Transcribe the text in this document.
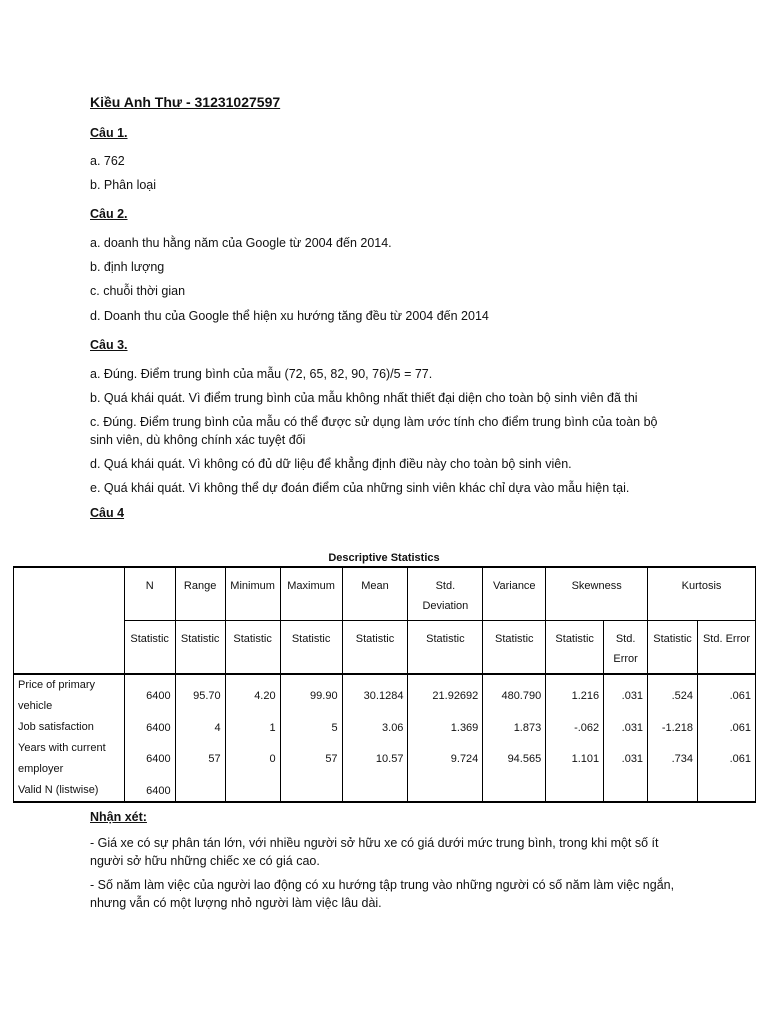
Kiều Anh Thư - 31231027597
Câu 1.
a. 762
b. Phân loại
Câu 2.
a. doanh thu hằng năm của Google từ 2004 đến 2014.
b. định lượng
c. chuỗi thời gian
d. Doanh thu của Google thể hiện xu hướng tăng đều từ 2004 đến 2014
Câu 3.
a. Đúng. Điểm trung bình của mẫu (72, 65, 82, 90, 76)/5 = 77.
b. Quá khái quát. Vì điểm trung bình của mẫu không nhất thiết đại diện cho toàn bộ sinh viên đã thi
c. Đúng. Điểm trung bình của mẫu có thể được sử dụng làm ước tính cho điểm trung bình của toàn bộ
sinh viên, dù không chính xác tuyệt đối
d. Quá khái quát. Vì không có đủ dữ liệu để khẳng định điều này cho toàn bộ sinh viên.
e. Quá khái quát. Vì không thể dự đoán điểm của những sinh viên khác chỉ dựa vào mẫu hiện tại.
Câu 4
Descriptive Statistics
	N	Range	Minimum	Maximum	Mean	Std. Deviation	Variance	Skewness		Kurtosis	
	Statistic	Statistic	Statistic	Statistic	Statistic	Statistic	Statistic	Statistic	Std. Error	Statistic	Std. Error
Price of primary vehicle	6400	95.70	4.20	99.90	30.1284	21.92692	480.790	1.216	.031	.524	.061
Job satisfaction	6400	4	1	5	3.06	1.369	1.873	-.062	.031	-1.218	.061
Years with current employer	6400	57	0	57	10.57	9.724	94.565	1.101	.031	.734	.061
Valid N (listwise)	6400										
Nhận xét:
- Giá xe có sự phân tán lớn, với nhiều người sở hữu xe có giá dưới mức trung bình, trong khi một số ít
người sở hữu những chiếc xe có giá cao.
- Số năm làm việc của người lao động có xu hướng tập trung vào những người có số năm làm việc ngắn,
nhưng vẫn có một lượng nhỏ người làm việc lâu dài.
